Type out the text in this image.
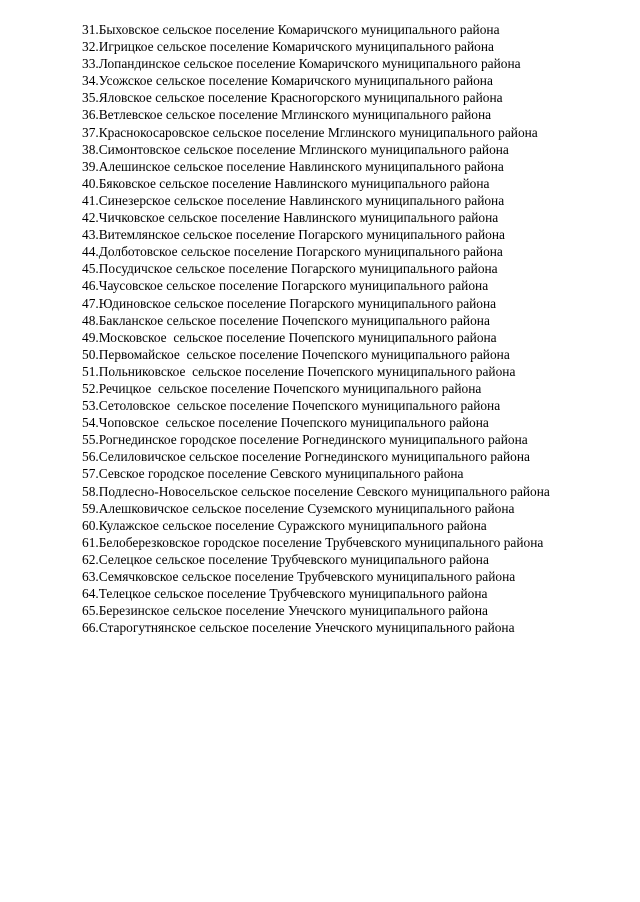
31.Быховское сельское поселение Комаричского муниципального района
32.Игрицкое сельское поселение Комаричского муниципального района
33.Лопандинское сельское поселение Комаричского муниципального района
34.Усожское сельское поселение Комаричского муниципального района
35.Яловское сельское поселение Красногорского муниципального района
36.Ветлевское сельское поселение Мглинского муниципального района
37.Краснокосаровское сельское поселение Мглинского муниципального района
38.Симонтовское сельское поселение Мглинского муниципального района
39.Алешинское сельское поселение Навлинского муниципального района
40.Бяковское сельское поселение Навлинского муниципального района
41.Синезерское сельское поселение Навлинского муниципального района
42.Чичковское сельское поселение Навлинского муниципального района
43.Витемлянское сельское поселение Погарского муниципального района
44.Долботовское сельское поселение Погарского муниципального района
45.Посудичское сельское поселение Погарского муниципального района
46.Чаусовское сельское поселение Погарского муниципального района
47.Юдиновское сельское поселение Погарского муниципального района
48.Бакланское сельское поселение Почепского муниципального района
49.Московское  сельское поселение Почепского муниципального района
50.Первомайское  сельское поселение Почепского муниципального района
51.Польниковское  сельское поселение Почепского муниципального района
52.Речицкое  сельское поселение Почепского муниципального района
53.Сетоловское  сельское поселение Почепского муниципального района
54.Чоповское  сельское поселение Почепского муниципального района
55.Рогнединское городское поселение Рогнединского муниципального района
56.Селиловичское сельское поселение Рогнединского муниципального района
57.Севское городское поселение Севского муниципального района
58.Подлесно-Новосельское сельское поселение Севского муниципального района
59.Алешковичское сельское поселение Суземского муниципального района
60.Кулажское сельское поселение Суражского муниципального района
61.Белоберезковское городское поселение Трубчевского муниципального района
62.Селецкое сельское поселение Трубчевского муниципального района
63.Семячковское сельское поселение Трубчевского муниципального района
64.Телецкое сельское поселение Трубчевского муниципального района
65.Березинское сельское поселение Унечского муниципального района
66.Старогутнянское сельское поселение Унечского муниципального района
